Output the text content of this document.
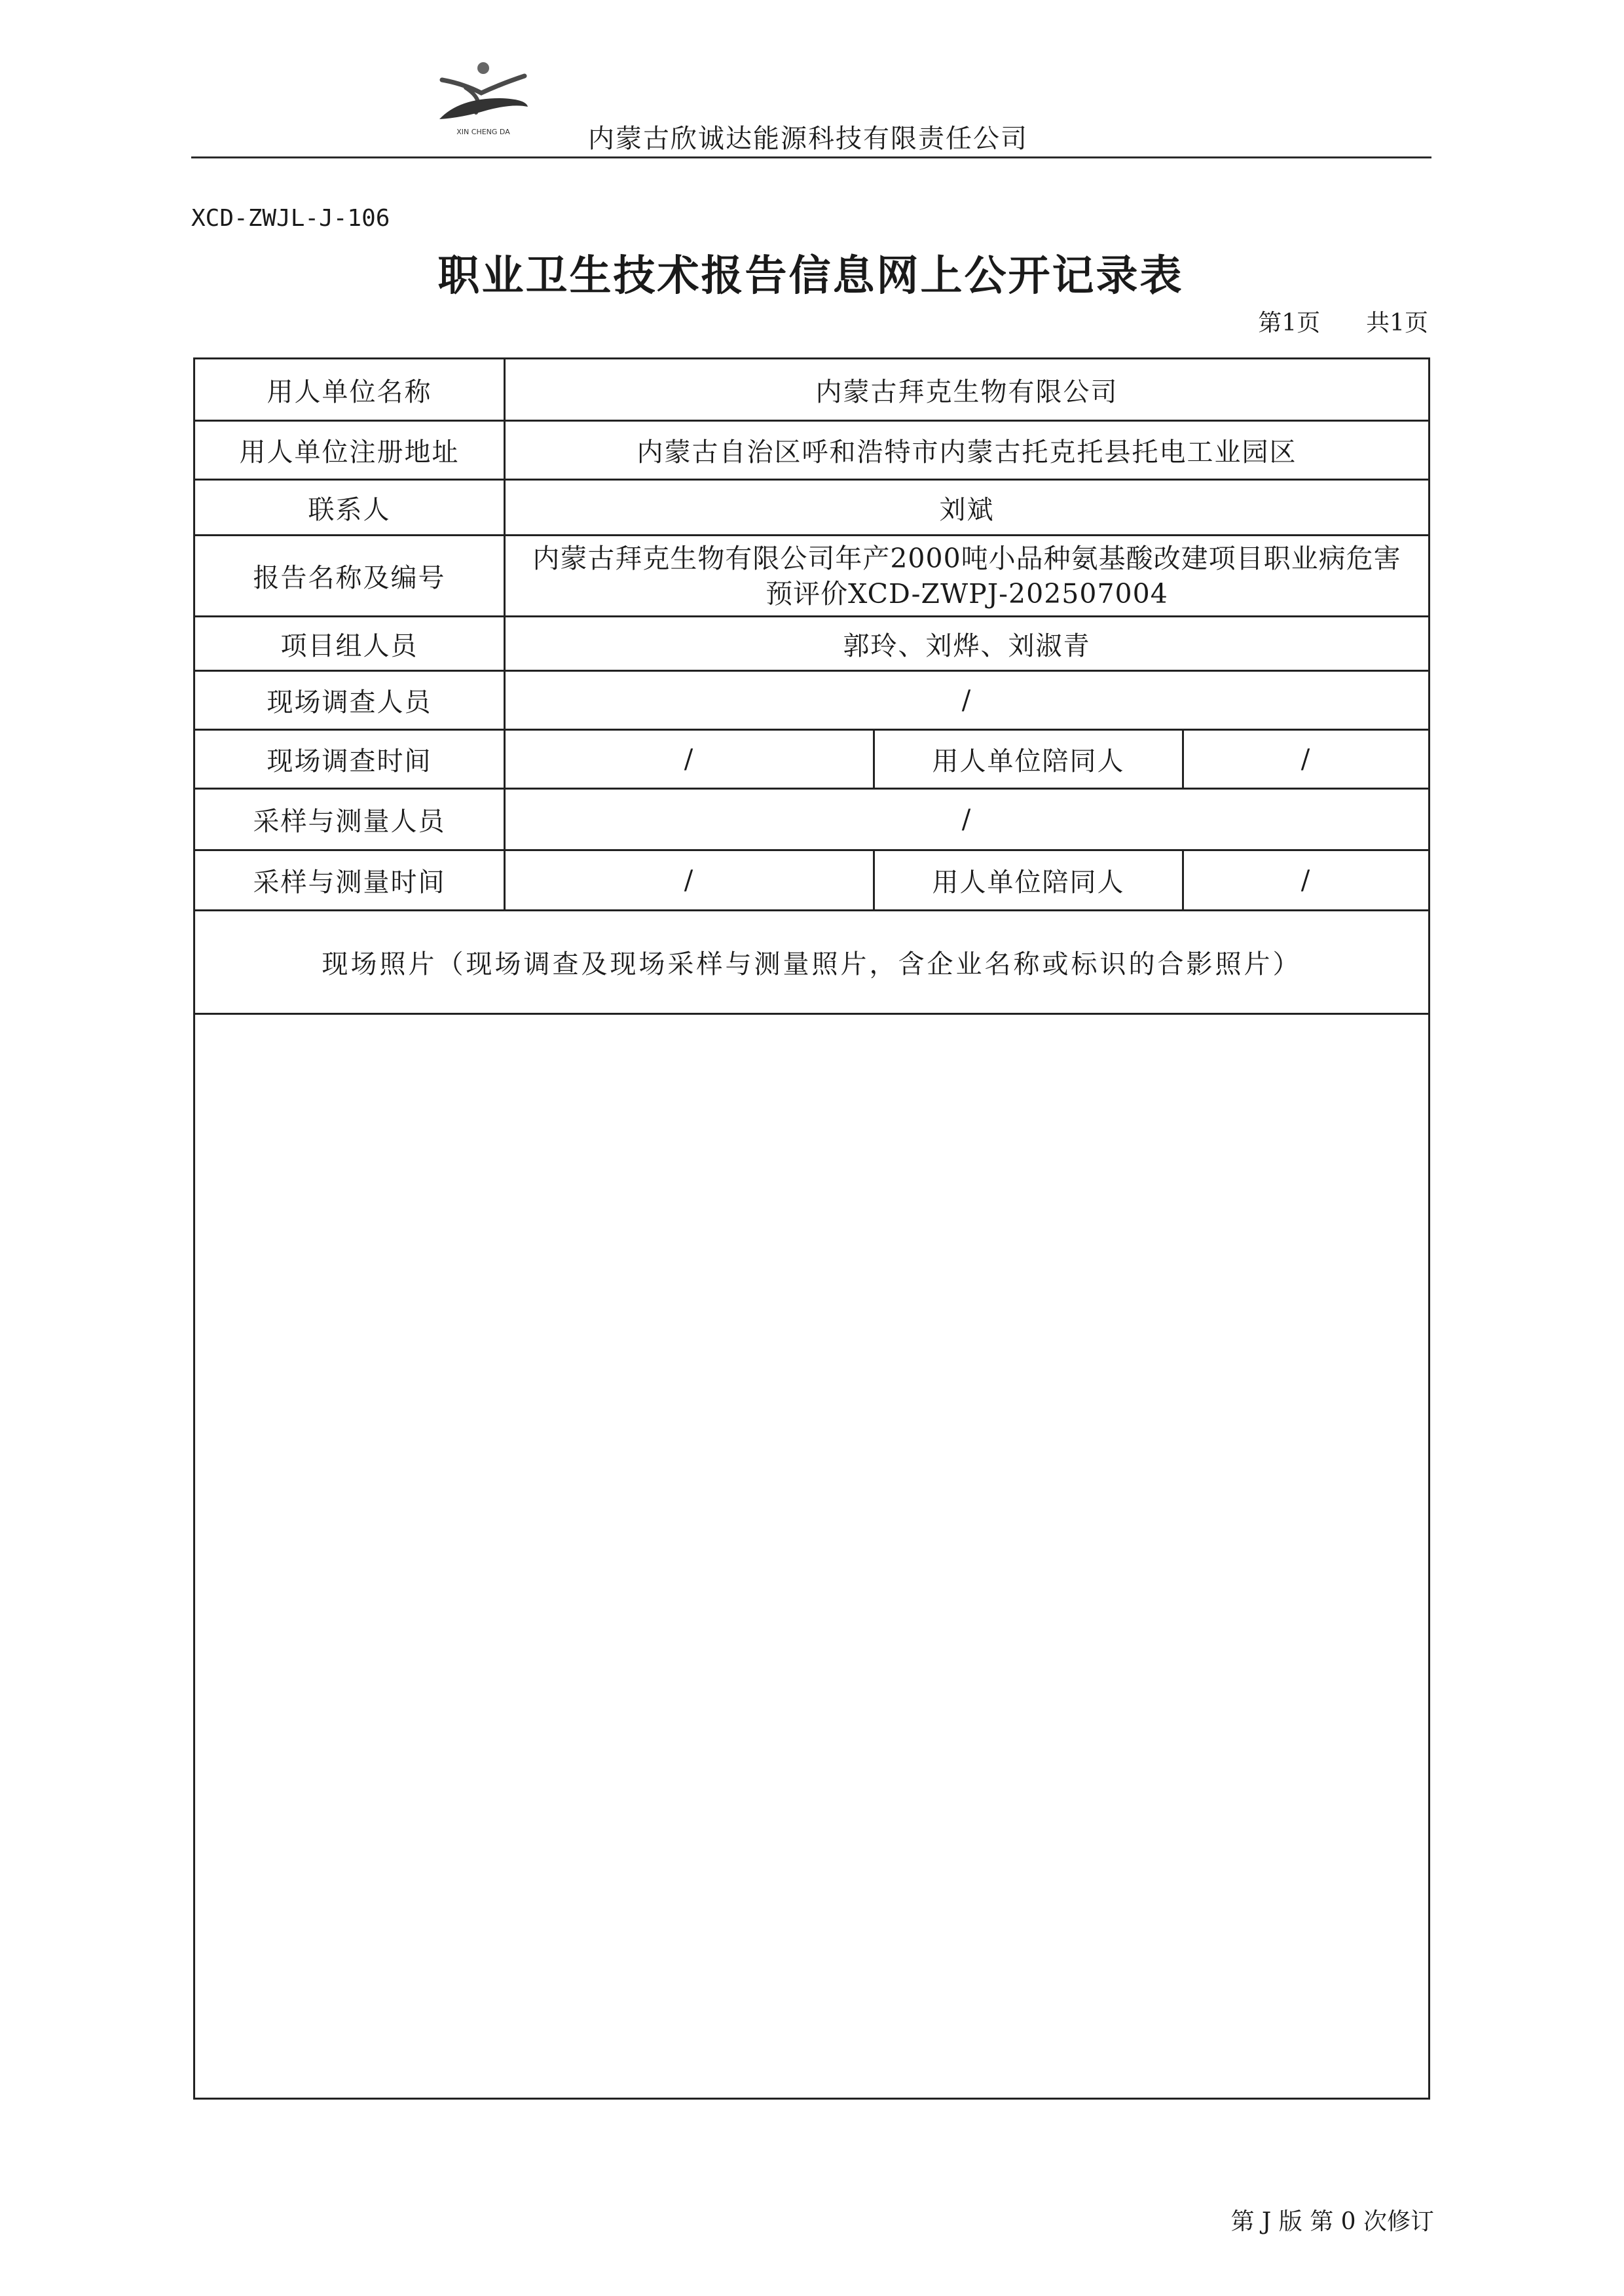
XIN CHENG DA	内蒙古欣诚达能源科技有限责任公司
XCD-ZWJL-J-106
职业卫生技术报告信息网上公开记录表
第1页 共1页
用人单位名称	内蒙古拜克生物有限公司		
用人单位注册地址	内蒙古自治区呼和浩特市内蒙古托克托县托电工业园区		
联系人	刘斌		
报告名称及编号	内蒙古拜克生物有限公司年产2000吨小品种氨基酸改建项目职业病危害
预评价XCD-ZWPJ-202507004		

项目组人员	郭玲、刘烨、刘淑青		
现场调查人员	/		
现场调查时间	/	用人单位陪同人	/
采样与测量人员	/		
采样与测量时间	/	用人单位陪同人	/
现场照片（现场调查及现场采样与测量照片，含企业名称或标识的合影照片）			

第 J 版 第 0 次修订
